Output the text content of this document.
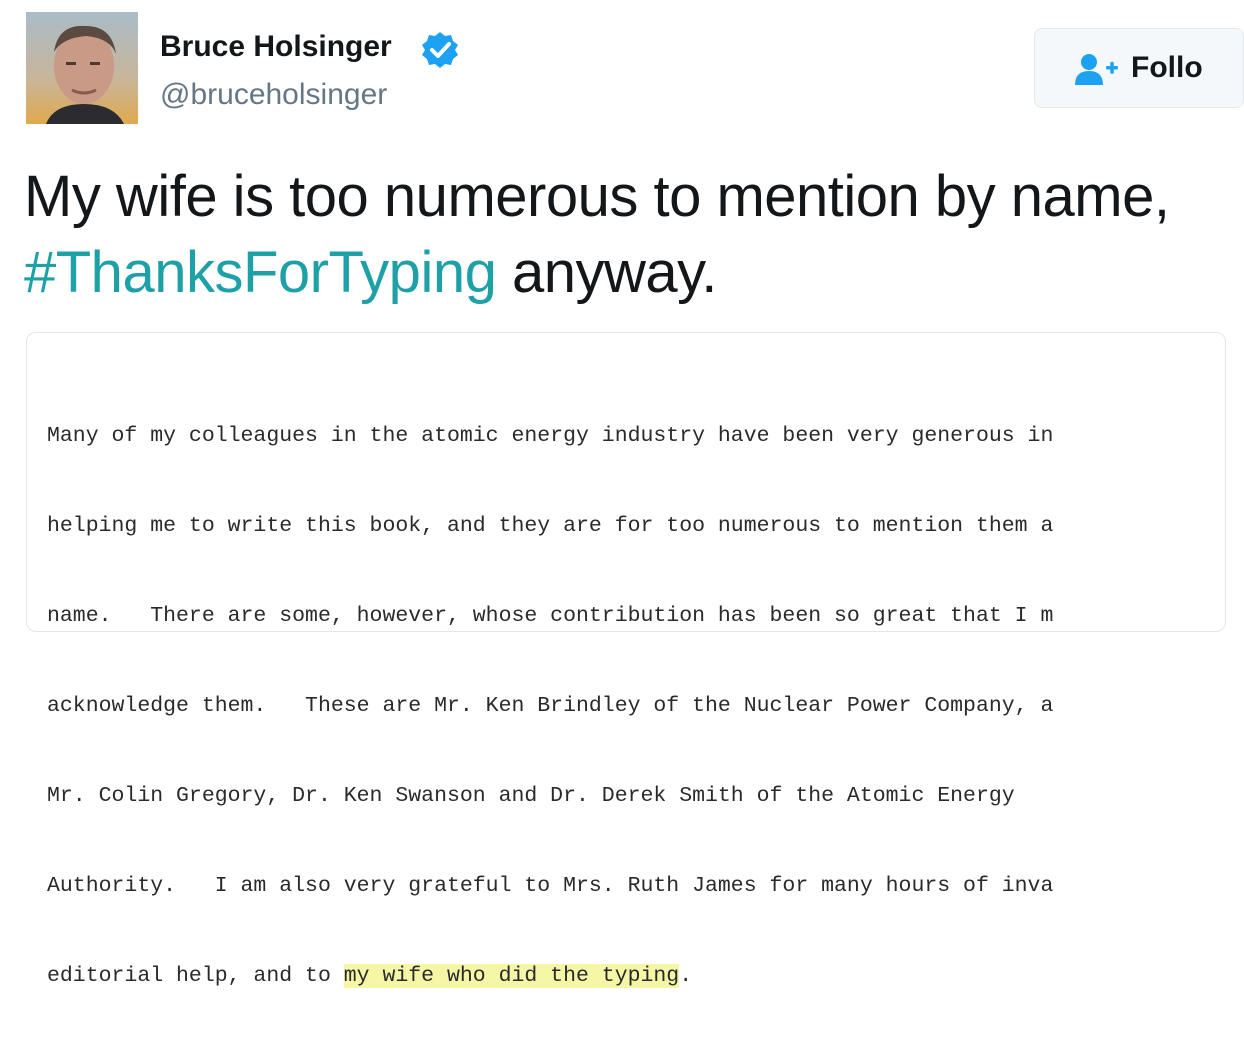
Bruce Holsinger
@bruceholsinger
Follo
My wife is too numerous to mention by name,
#ThanksForTyping anyway.

Many of my colleagues in the atomic energy industry have been very generous in

helping me to write this book, and they are for too numerous to mention them a

name.   There are some, however, whose contribution has been so great that I m

acknowledge them.   These are Mr. Ken Brindley of the Nuclear Power Company, a

Mr. Colin Gregory, Dr. Ken Swanson and Dr. Derek Smith of the Atomic Energy

Authority.   I am also very grateful to Mrs. Ruth James for many hours of inva

editorial help, and to my wife who did the typing.
